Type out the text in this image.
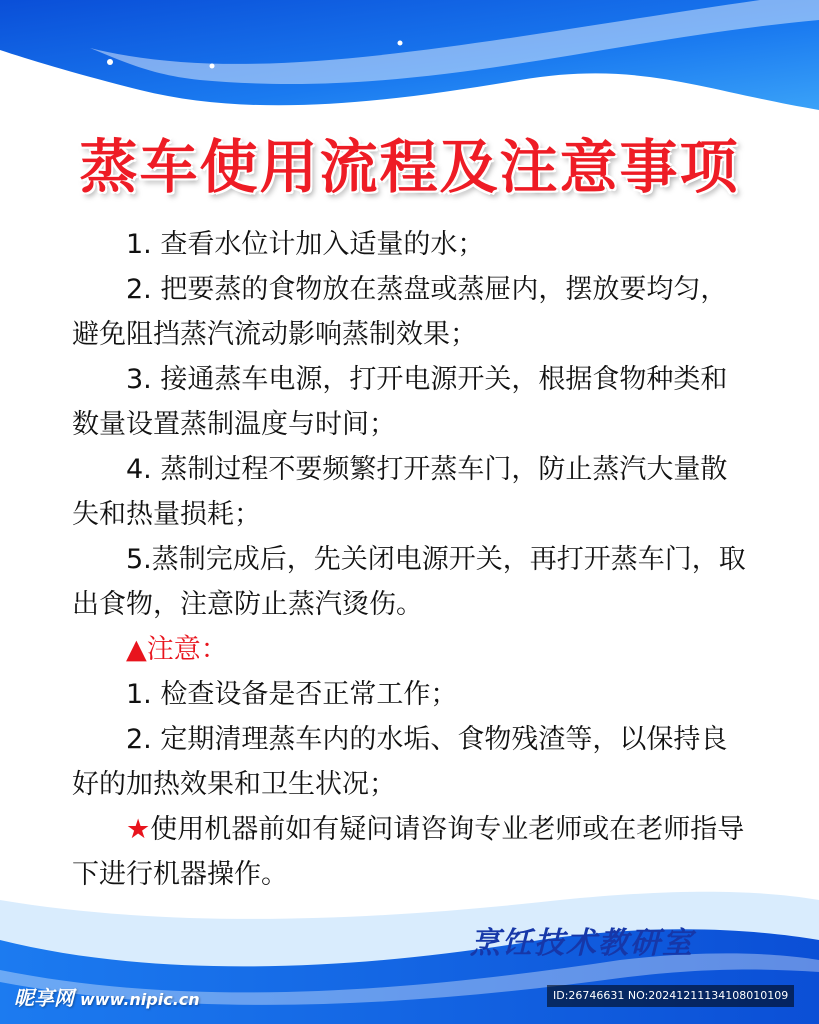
蒸车使用流程及注意事项

1. 查看水位计加入适量的水；

2. 把要蒸的食物放在蒸盘或蒸屉内，摆放要均匀，避免阻挡蒸汽流动影响蒸制效果；

3. 接通蒸车电源，打开电源开关，根据食物种类和数量设置蒸制温度与时间；

4. 蒸制过程不要频繁打开蒸车门，防止蒸汽大量散失和热量损耗；

5.蒸制完成后，先关闭电源开关，再打开蒸车门，取出食物，注意防止蒸汽烫伤。

▲注意：

1. 检查设备是否正常工作；

2. 定期清理蒸车内的水垢、食物残渣等，以保持良好的加热效果和卫生状况；

★使用机器前如有疑问请咨询专业老师或在老师指导下进行机器操作。

烹饪技术教研室
昵享网 www.nipic.cn	ID:26746631 NO:20241211134108010109
